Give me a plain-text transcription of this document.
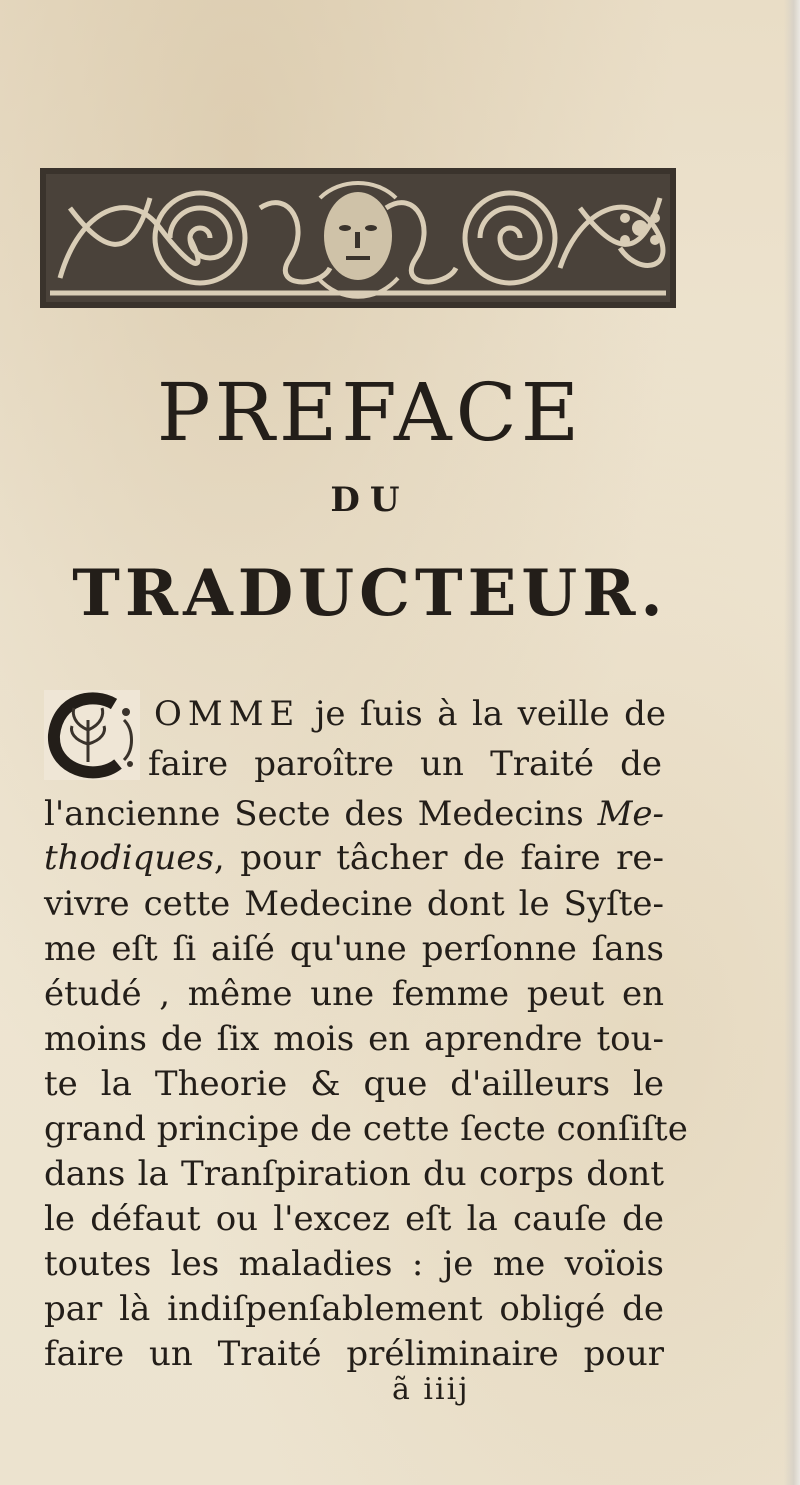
PREFACE
DU
TRADUCTEUR.
OMME je ſuis à la veille de
faire paroître un Traité de
l'ancienne Secte des Medecins Me-
thodiques, pour tâcher de faire re-
vivre cette Medecine dont le Syſte-
me eſt ſi aiſé qu'une perſonne ſans
étudé , même une femme peut en
moins de ſix mois en aprendre tou-
te la Theorie & que d'ailleurs le
grand principe de cette ſecte conſiſte
dans la Tranſpiration du corps dont
le défaut ou l'excez eſt la cauſe de
toutes les maladies : je me voïois
par là indiſpenſablement obligé de
faire un Traité préliminaire pour
ã iiij
